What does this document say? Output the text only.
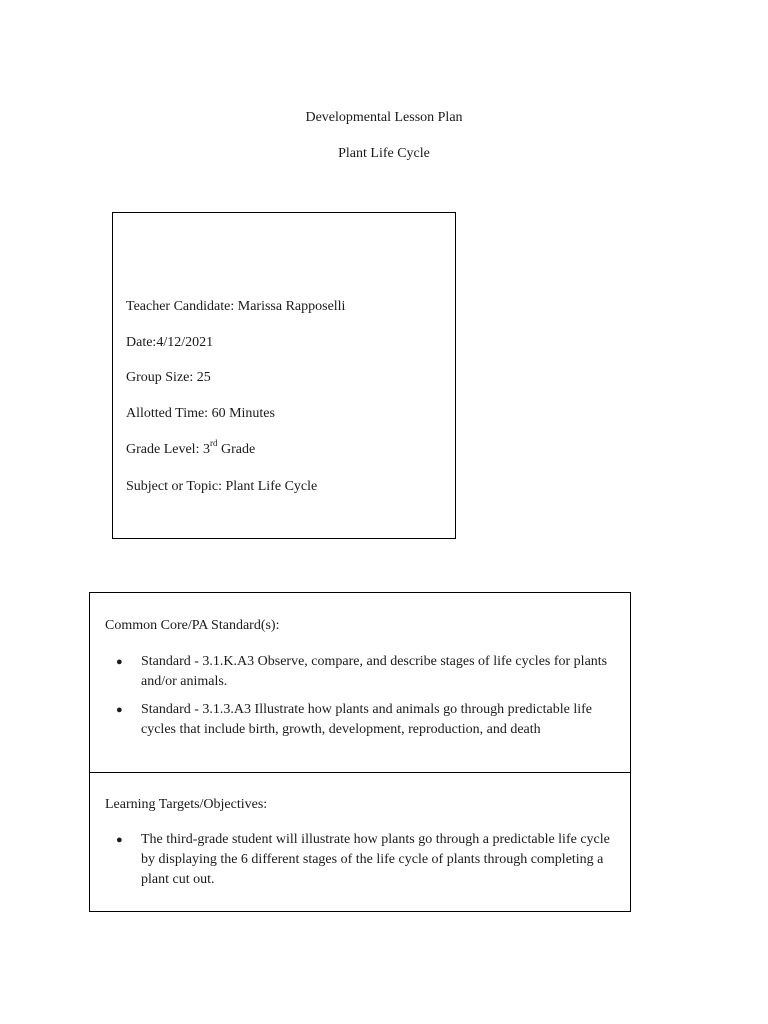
Developmental Lesson Plan
Plant Life Cycle
Teacher Candidate: Marissa Rapposelli
Date:4/12/2021
Group Size: 25
Allotted Time: 60 Minutes
Grade Level: 3rd Grade
Subject or Topic: Plant Life Cycle
Common Core/PA Standard(s):
● Standard - 3.1.K.A3 Observe, compare, and describe stages of life cycles for plants and/or animals.
● Standard - 3.1.3.A3 Illustrate how plants and animals go through predictable life cycles that include birth, growth, development, reproduction, and death
Learning Targets/Objectives:
● The third-grade student will illustrate how plants go through a predictable life cycle by displaying the 6 different stages of the life cycle of plants through completing a plant cut out.
